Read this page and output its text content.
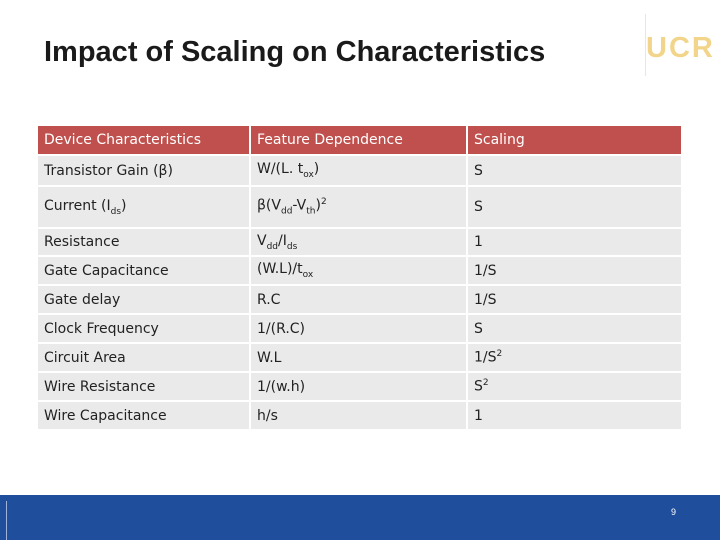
Impact of Scaling on Characteristics	UCR
Device Characteristics	Feature Dependence	Scaling
Transistor Gain (β)	W/(L. $t_{ox}$)	S
Current $(I_{ds})$	$\beta(V_{dd}-V_{th})^2$	S
Resistance	$V_{dd}/I_{ds}$	1
Gate Capacitance	$(W.L)/t_{ox}$	1/S
Gate delay	R.C	1/S
Clock Frequency	1/(R.C)	S
Circuit Area	W.L	$1/S^2$
Wire Resistance	1/(w.h)	$S^2$
Wire Capacitance	h/s	1
9
